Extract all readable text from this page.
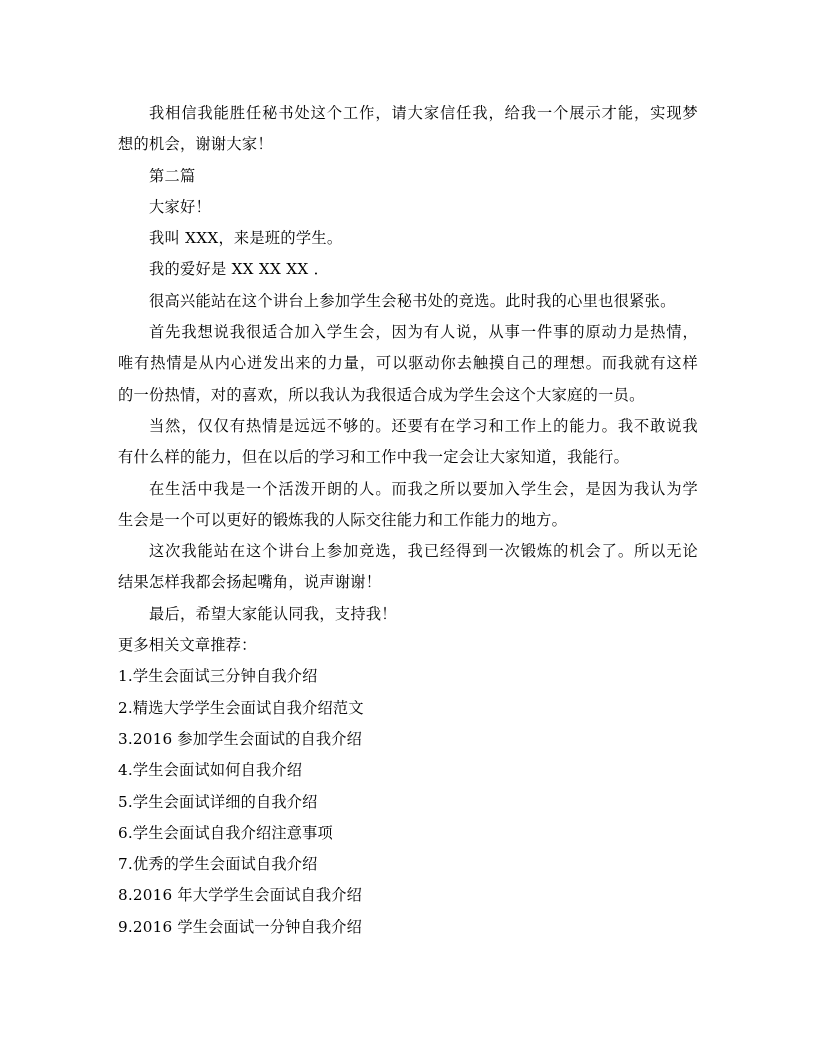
我相信我能胜任秘书处这个工作，请大家信任我，给我一个展示才能，实现梦
想的机会，谢谢大家！
第二篇
大家好！
我叫 XXX，来是班的学生。
我的爱好是 XX XX XX ．
很高兴能站在这个讲台上参加学生会秘书处的竞选。此时我的心里也很紧张。
首先我想说我很适合加入学生会，因为有人说，从事一件事的原动力是热情，
唯有热情是从内心迸发出来的力量，可以驱动你去触摸自己的理想。而我就有这样
的一份热情，对的喜欢，所以我认为我很适合成为学生会这个大家庭的一员。
当然，仅仅有热情是远远不够的。还要有在学习和工作上的能力。我不敢说我
有什么样的能力，但在以后的学习和工作中我一定会让大家知道，我能行。
在生活中我是一个活泼开朗的人。而我之所以要加入学生会，是因为我认为学
生会是一个可以更好的锻炼我的人际交往能力和工作能力的地方。
这次我能站在这个讲台上参加竞选，我已经得到一次锻炼的机会了。所以无论
结果怎样我都会扬起嘴角，说声谢谢！
最后，希望大家能认同我，支持我！
更多相关文章推荐：
1.学生会面试三分钟自我介绍
2.精选大学学生会面试自我介绍范文
3.2016 参加学生会面试的自我介绍
4.学生会面试如何自我介绍
5.学生会面试详细的自我介绍
6.学生会面试自我介绍注意事项
7.优秀的学生会面试自我介绍
8.2016 年大学学生会面试自我介绍
9.2016 学生会面试一分钟自我介绍
